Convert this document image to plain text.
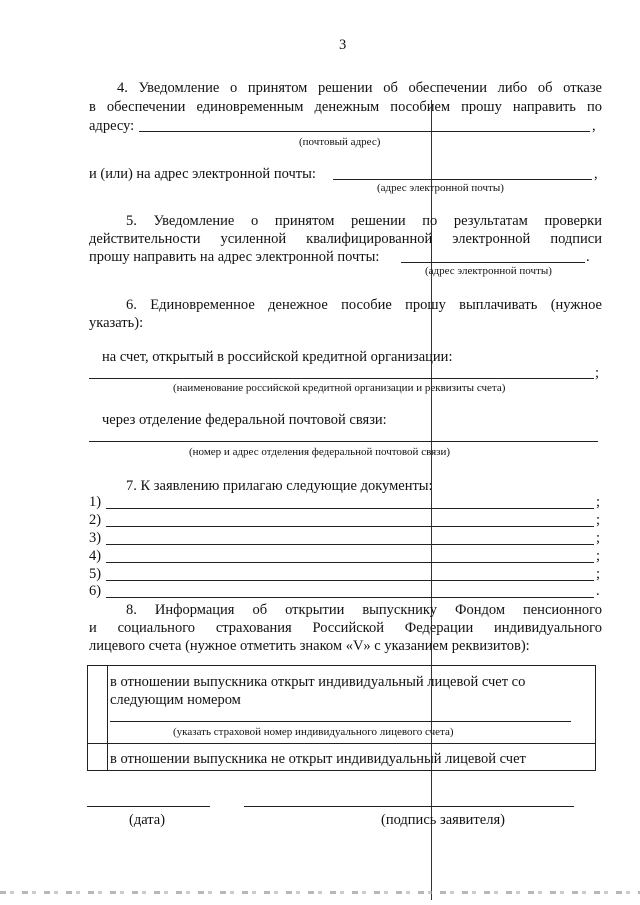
3
4. Уведомление о принятом решении об обеспечении либо об отказе
в обеспечении единовременным денежным пособием прошу направить по
адресу:	,
(почтовый адрес)
и (или) на адрес электронной почты:	,
(адрес электронной почты)
5. Уведомление о принятом решении по результатам проверки
действительности усиленной квалифицированной электронной подписи
прошу направить на адрес электронной почты:	.
(адрес электронной почты)
6. Единовременное денежное пособие прошу выплачивать (нужное
указать):
на счет, открытый в российской кредитной организации:
;
(наименование российской кредитной организации и реквизиты счета)
через отделение федеральной почтовой связи:
(номер и адрес отделения федеральной почтовой связи)
7. К заявлению прилагаю следующие документы:
1)	;
2)	;
3)	;
4)	;
5)	;
6)	.
8. Информация об открытии выпускнику Фондом пенсионного
и социального страхования Российской Федерации индивидуального
лицевого счета (нужное отметить знаком «V» с указанием реквизитов):
в отношении выпускника открыт индивидуальный лицевой счет со
следующим номером
(указать страховой номер индивидуального лицевого счета)
в отношении выпускника не открыт индивидуальный лицевой счет
(дата)	(подпись заявителя)
